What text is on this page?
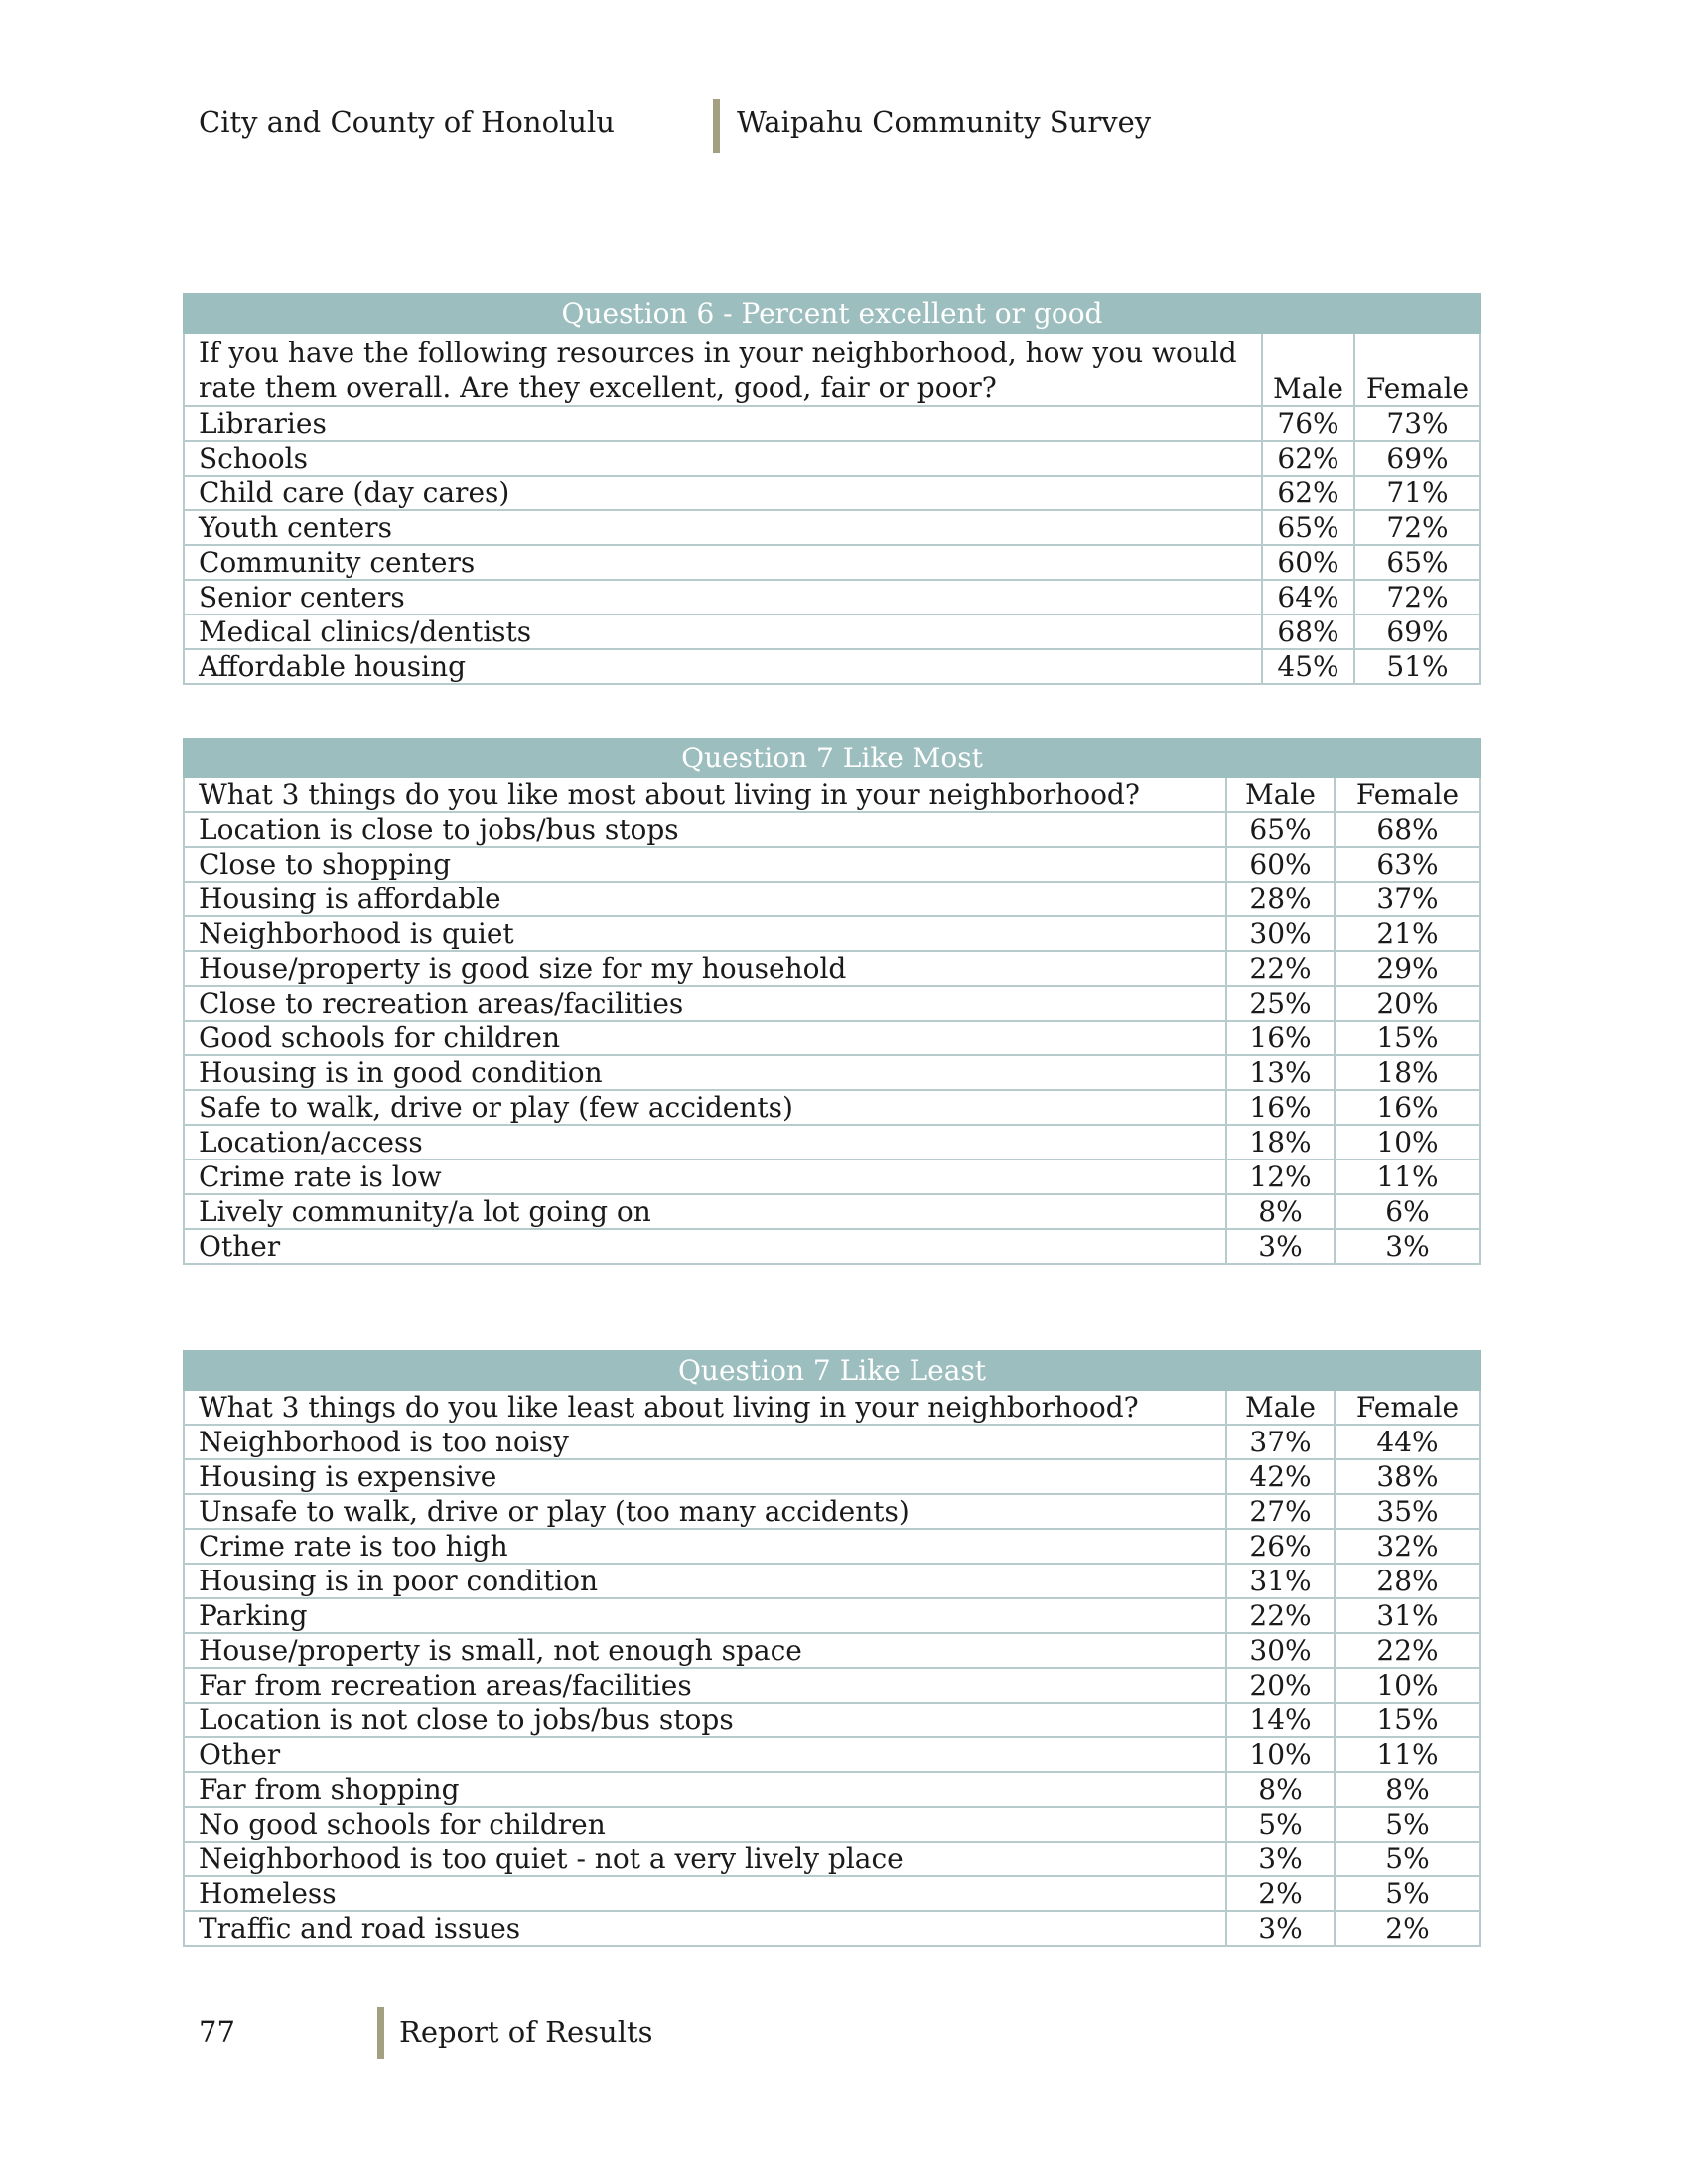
City and County of Honolulu	Waipahu Community Survey
Question 6 - Percent excellent or good		
If you have the following resources in your neighborhood, how you would rate them overall. Are they excellent, good, fair or poor?	Male	Female
Libraries	76%	73%
Schools	62%	69%
Child care (day cares)	62%	71%
Youth centers	65%	72%
Community centers	60%	65%
Senior centers	64%	72%
Medical clinics/dentists	68%	69%
Affordable housing	45%	51%
Question 7 Like Most		
What 3 things do you like most about living in your neighborhood?	Male	Female
Location is close to jobs/bus stops	65%	68%
Close to shopping	60%	63%
Housing is affordable	28%	37%
Neighborhood is quiet	30%	21%
House/property is good size for my household	22%	29%
Close to recreation areas/facilities	25%	20%
Good schools for children	16%	15%
Housing is in good condition	13%	18%
Safe to walk, drive or play (few accidents)	16%	16%
Location/access	18%	10%
Crime rate is low	12%	11%
Lively community/a lot going on	8%	6%
Other	3%	3%
Question 7 Like Least		
What 3 things do you like least about living in your neighborhood?	Male	Female
Neighborhood is too noisy	37%	44%
Housing is expensive	42%	38%
Unsafe to walk, drive or play (too many accidents)	27%	35%
Crime rate is too high	26%	32%
Housing is in poor condition	31%	28%
Parking	22%	31%
House/property is small, not enough space	30%	22%
Far from recreation areas/facilities	20%	10%
Location is not close to jobs/bus stops	14%	15%
Other	10%	11%
Far from shopping	8%	8%
No good schools for children	5%	5%
Neighborhood is too quiet - not a very lively place	3%	5%
Homeless	2%	5%
Traffic and road issues	3%	2%
77	Report of Results
